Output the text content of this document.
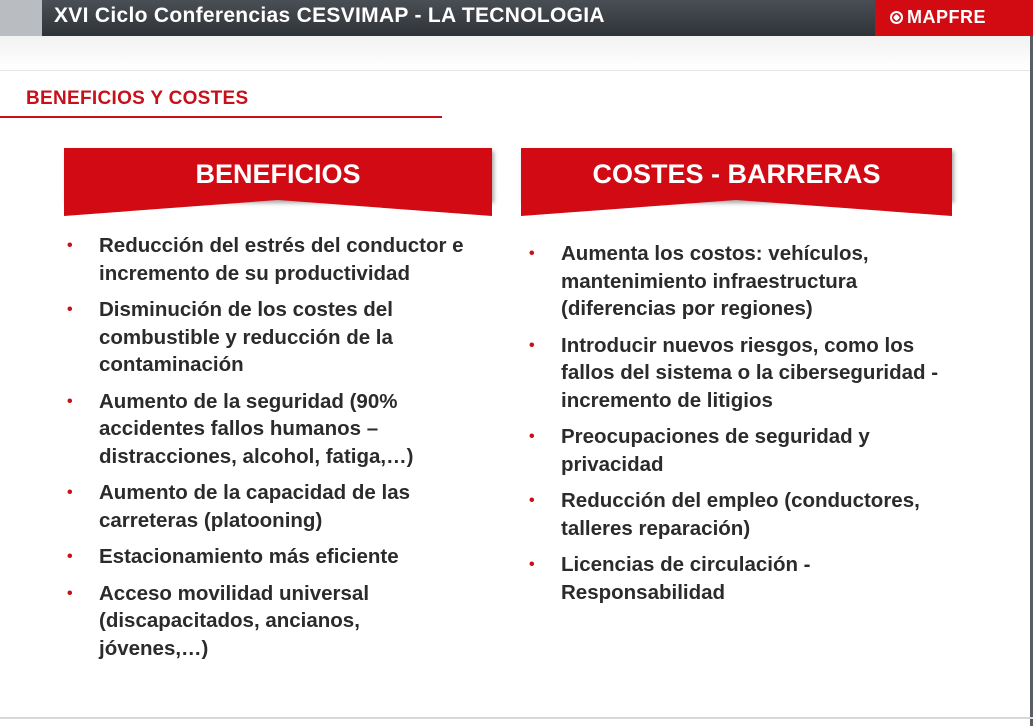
XVI Ciclo Conferencias CESVIMAP - LA TECNOLOGIA	MAPFRE
BENEFICIOS Y COSTES
BENEFICIOS	COSTES - BARRERAS
• Reducción del estrés del conductor e incremento de su productividad
• Disminución de los costes del combustible y reducción de la contaminación
• Aumento de la seguridad (90% accidentes fallos humanos – distracciones, alcohol, fatiga,…)
• Aumento de la capacidad de las carreteras (platooning)
• Estacionamiento más eficiente
• Acceso movilidad universal (discapacitados, ancianos, jóvenes,…)
• Aumenta los costos: vehículos, mantenimiento infraestructura (diferencias por regiones)
• Introducir nuevos riesgos, como los fallos del sistema o la ciberseguridad - incremento de litigios
• Preocupaciones de seguridad y privacidad
• Reducción del empleo (conductores, talleres reparación)
• Licencias de circulación - Responsabilidad
